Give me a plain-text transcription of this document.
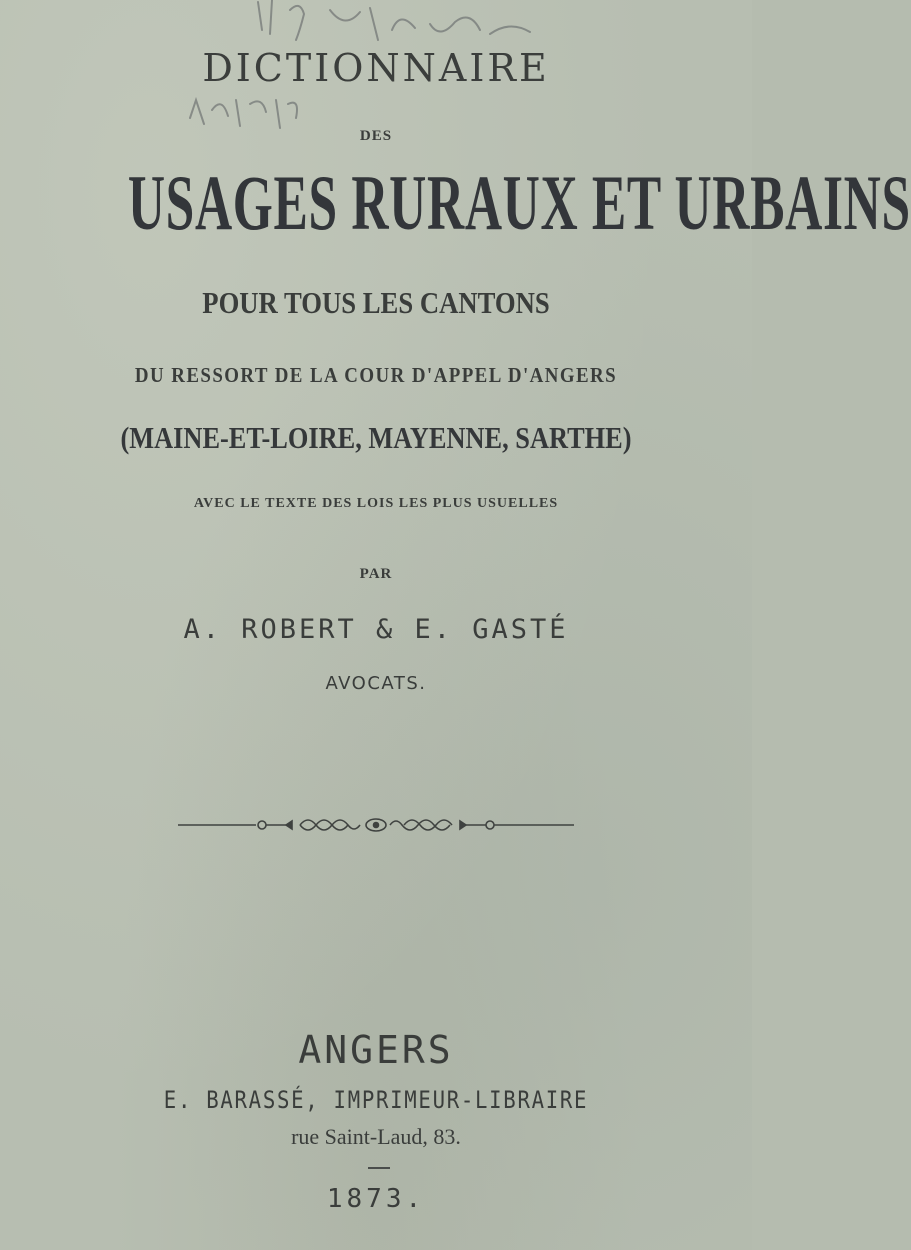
DICTIONNAIRE
DES
USAGES RURAUX ET URBAINS
POUR TOUS LES CANTONS
DU RESSORT DE LA COUR D'APPEL D'ANGERS
(MAINE-ET-LOIRE, MAYENNE, SARTHE)
AVEC LE TEXTE DES LOIS LES PLUS USUELLES
PAR
A. ROBERT & E. GASTÉ
AVOCATS.
ANGERS
E. BARASSÉ, IMPRIMEUR-LIBRAIRE
rue Saint-Laud, 83.
1873.
